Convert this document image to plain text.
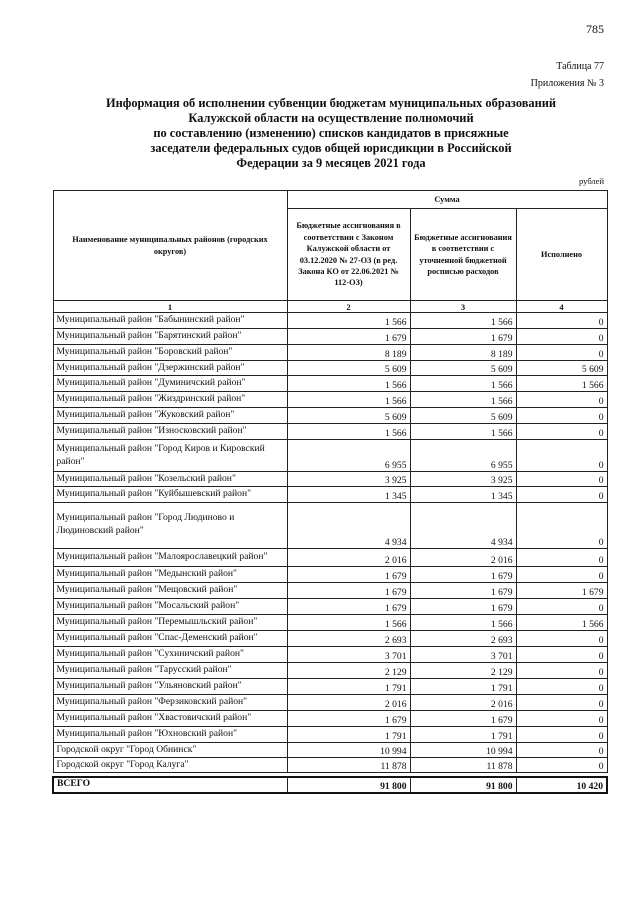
785
Таблица 77
Приложения № 3
Информация об исполнении субвенции бюджетам муниципальных образований
Калужской области на осуществление полномочий
по составлению (изменению) списков кандидатов в присяжные
заседатели федеральных судов общей юрисдикции в Российской
Федерации за 9 месяцев 2021 года
рублей
Наименование муниципальных районов (городских округов)	Сумма		
	Бюджетные ассигнования в соответствии с Законом Калужской области от 03.12.2020 № 27-ОЗ (в ред. Закона КО от 22.06.2021 № 112-ОЗ)	Бюджетные ассигнования в соответствии с уточненной бюджетной росписью расходов	Исполнено
1	2	3	4
Муниципальный район "Бабынинский район"	1 566	1 566	0
Муниципальный район "Барятинский район"	1 679	1 679	0
Муниципальный район "Боровский район"	8 189	8 189	0
Муниципальный район "Дзержинский район"	5 609	5 609	5 609
Муниципальный район "Думиничский район"	1 566	1 566	1 566
Муниципальный район "Жиздринский район"	1 566	1 566	0
Муниципальный район "Жуковский район"	5 609	5 609	0
Муниципальный район "Износковский район"	1 566	1 566	0
Муниципальный район "Город Киров и Кировский район"	6 955	6 955	0
Муниципальный район "Козельский район"	3 925	3 925	0
Муниципальный район "Куйбышевский район"	1 345	1 345	0
Муниципальный район "Город Людиново и Людиновский район"	4 934	4 934	0
Муниципальный район "Малоярославецкий район"	2 016	2 016	0
Муниципальный район "Медынский район"	1 679	1 679	0
Муниципальный район "Мещовский район"	1 679	1 679	1 679
Муниципальный район "Мосальский район"	1 679	1 679	0
Муниципальный район "Перемышльский район"	1 566	1 566	1 566
Муниципальный район "Спас-Деменский район"	2 693	2 693	0
Муниципальный район "Сухиничский район"	3 701	3 701	0
Муниципальный район "Тарусский район"	2 129	2 129	0
Муниципальный район "Ульяновский район"	1 791	1 791	0
Муниципальный район "Ферзиковский район"	2 016	2 016	0
Муниципальный район "Хвастовичский район"	1 679	1 679	0
Муниципальный район "Юхновский район"	1 791	1 791	0
Городской округ "Город Обнинск"	10 994	10 994	0
Городской округ "Город Калуга"	11 878	11 878	0

ВСЕГО	91 800	91 800	10 420
